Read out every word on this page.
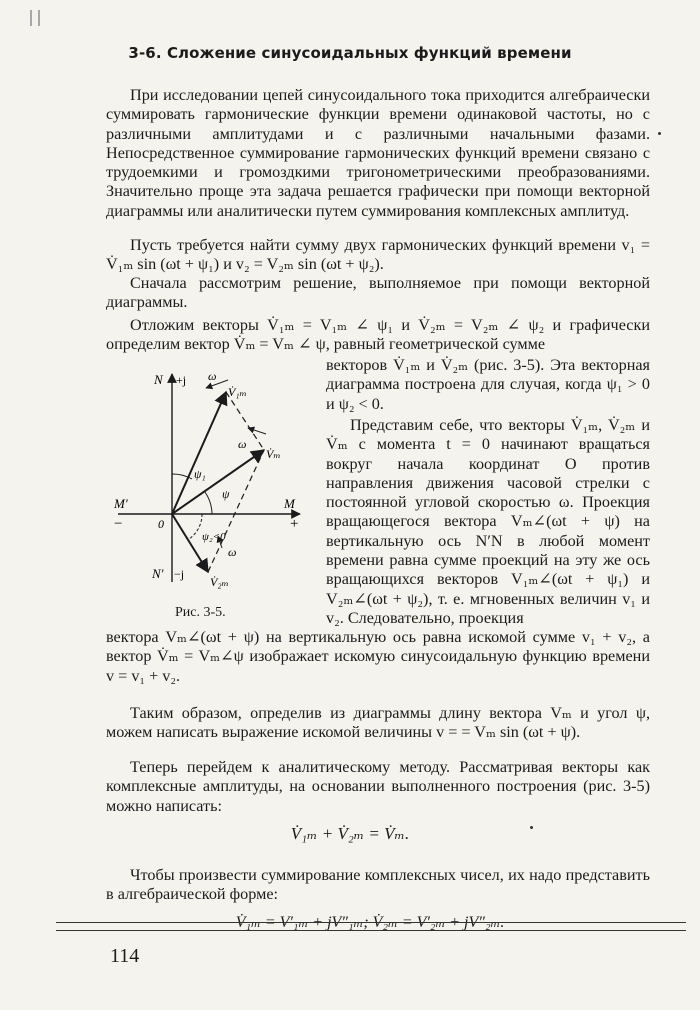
3-6. Сложение синусоидальных функций времени

При исследовании цепей синусоидального тока приходится алгебраически суммировать гармонические функции времени одинаковой частоты, но с различными амплитудами и с различными начальными фазами. Непосредственное суммирование гармонических функций времени связано с трудоемкими и громоздкими тригонометрическими преобразованиями. Значительно проще эта задача решается графически при помощи векторной диаграммы или аналитически путем суммирования комплексных амплитуд.

Пусть требуется найти сумму двух гармонических функций времени v₁ = V̇₁ₘ sin (ωt + ψ₁) и v₂ = V₂ₘ sin (ωt + ψ₂).

Сначала рассмотрим решение, выполняемое при помощи векторной диаграммы.

Отложим векторы V̇₁ₘ = V₁ₘ ∠ ψ₁ и V̇₂ₘ = V₂ₘ ∠ ψ₂ и графически определим вектор V̇ₘ = Vₘ ∠ ψ, равный геометрической сумме

векторов V̇₁ₘ и V̇₂ₘ (рис. 3-5). Эта векторная диаграмма построена для случая, когда ψ₁ > 0 и ψ₂ < 0.

Представим себе, что векторы V̇₁ₘ, V̇₂ₘ и V̇ₘ с момента t = 0 начинают вращаться вокруг начала координат O против направления движения часовой стрелки с постоянной угловой скоростью ω. Проекция вращающегося вектора Vₘ∠(ωt + ψ) на вертикальную ось N′N в любой момент времени равна сумме проекций на эту же ось вращающихся векторов V₁ₘ∠(ωt + ψ₁) и V₂ₘ∠(ωt + ψ₂), т. е. мгновенных величин v₁ и v₂. Следовательно, проекция

N +j ω
V̇₁ₘ
ω
V̇ₘ
ψ₁
ψ
M′	M
−	+
0
ψ₂<0
ω
N′ −j
V̇₂ₘ
Рис. 3-5.

вектора Vₘ∠(ωt + ψ) на вертикальную ось равна искомой сумме v₁ + v₂, а вектор V̇ₘ = Vₘ∠ψ изображает искомую синусоидальную функцию времени v = v₁ + v₂.

Таким образом, определив из диаграммы длину вектора Vₘ и угол ψ, можем написать выражение искомой величины v = = Vₘ sin (ωt + ψ).

Теперь перейдем к аналитическому методу. Рассматривая векторы как комплексные амплитуды, на основании выполненного построения (рис. 3-5) можно написать:

V̇₁ₘ + V̇₂ₘ = V̇ₘ.

Чтобы произвести суммирование комплексных чисел, их надо представить в алгебраической форме:

V̇₁ₘ = V′₁ₘ + jV″₁ₘ; V̇₂ₘ = V′₂ₘ + jV″₂ₘ.
114
